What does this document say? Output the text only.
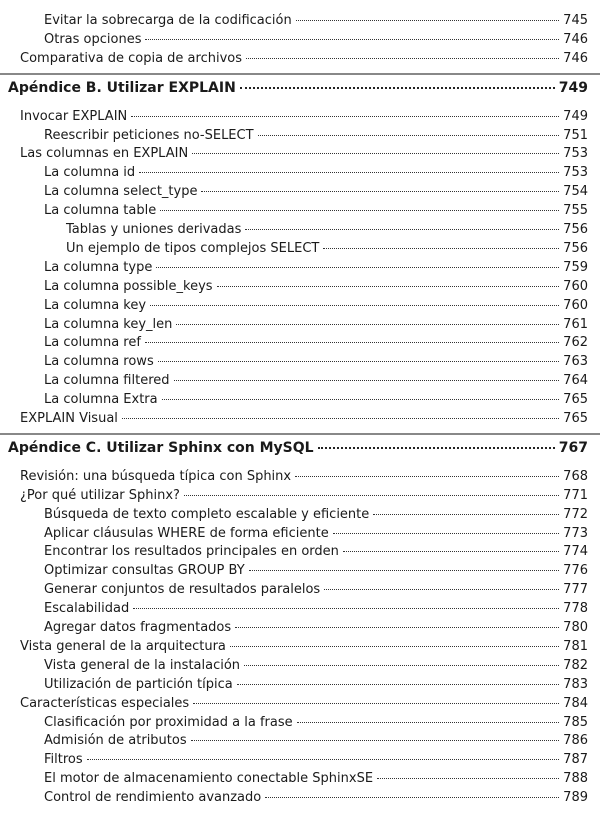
Evitar la sobrecarga de la codificación	745
Otras opciones	746
Comparativa de copia de archivos	746
Apéndice B. Utilizar EXPLAIN	749
Invocar EXPLAIN	749
Reescribir peticiones no-SELECT	751
Las columnas en EXPLAIN	753
La columna id	753
La columna select_type	754
La columna table	755
Tablas y uniones derivadas	756
Un ejemplo de tipos complejos SELECT	756
La columna type	759
La columna possible_keys	760
La columna key	760
La columna key_len	761
La columna ref	762
La columna rows	763
La columna filtered	764
La columna Extra	765
EXPLAIN Visual	765
Apéndice C. Utilizar Sphinx con MySQL	767
Revisión: una búsqueda típica con Sphinx	768
¿Por qué utilizar Sphinx?	771
Búsqueda de texto completo escalable y eficiente	772
Aplicar cláusulas WHERE de forma eficiente	773
Encontrar los resultados principales en orden	774
Optimizar consultas GROUP BY	776
Generar conjuntos de resultados paralelos	777
Escalabilidad	778
Agregar datos fragmentados	780
Vista general de la arquitectura	781
Vista general de la instalación	782
Utilización de partición típica	783
Características especiales	784
Clasificación por proximidad a la frase	785
Admisión de atributos	786
Filtros	787
El motor de almacenamiento conectable SphinxSE	788
Control de rendimiento avanzado	789
